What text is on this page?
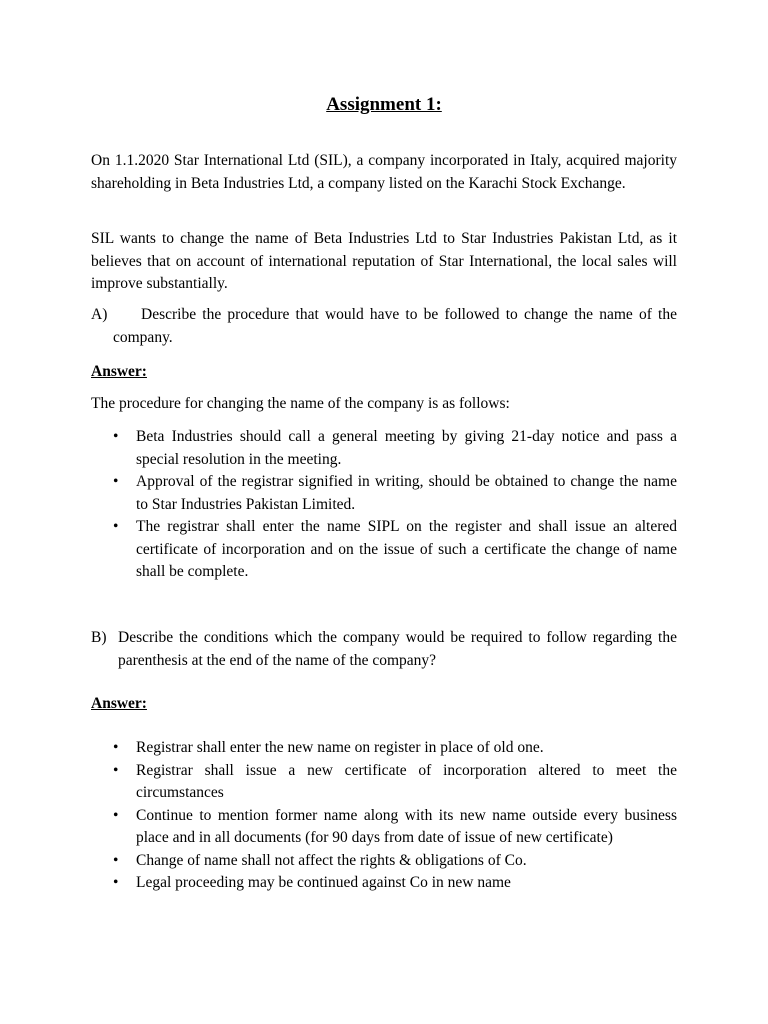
Assignment 1:

On 1.1.2020 Star International Ltd (SIL), a company incorporated in Italy, acquired majority shareholding in Beta Industries Ltd, a company listed on the Karachi Stock Exchange.

SIL wants to change the name of Beta Industries Ltd to Star Industries Pakistan Ltd, as it believes that on account of international reputation of Star International, the local sales will improve substantially.

A)	Describe the procedure that would have to be followed to change the name of the company.

Answer:

The procedure for changing the name of the company is as follows:

• Beta Industries should call a general meeting by giving 21-day notice and pass a special resolution in the meeting.
• Approval of the registrar signified in writing, should be obtained to change the name to Star Industries Pakistan Limited.
• The registrar shall enter the name SIPL on the register and shall issue an altered certificate of incorporation and on the issue of such a certificate the change of name shall be complete.
B) Describe the conditions which the company would be required to follow regarding the parenthesis at the end of the name of the company?

Answer:

• Registrar shall enter the new name on register in place of old one.
• Registrar shall issue a new certificate of incorporation altered to meet the circumstances
• Continue to mention former name along with its new name outside every business place and in all documents (for 90 days from date of issue of new certificate)
• Change of name shall not affect the rights & obligations of Co.
• Legal proceeding may be continued against Co in new name
